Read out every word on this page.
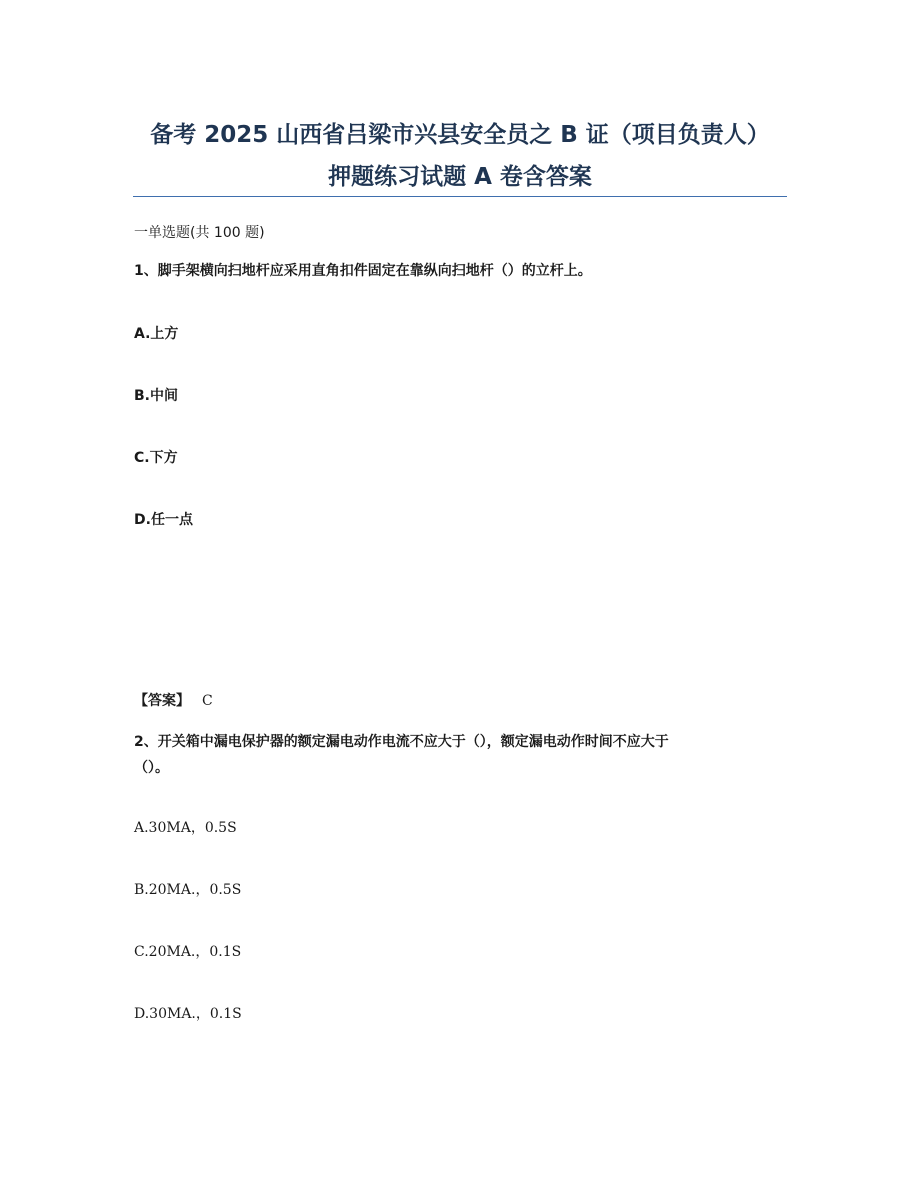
备考 2025 山西省吕梁市兴县安全员之 B 证（项目负责人）
押题练习试题 A 卷含答案
一单选题(共 100 题)
1、脚手架横向扫地杆应采用直角扣件固定在靠纵向扫地杆（）的立杆上。
A.上方
B.中间
C.下方
D.任一点
【答案】 C
2、开关箱中漏电保护器的额定漏电动作电流不应大于（），额定漏电动作时间不应大于
（）。
A.30MA，0.5S
B.20MA.，0.5S
C.20MA.，0.1S
D.30MA.，0.1S
